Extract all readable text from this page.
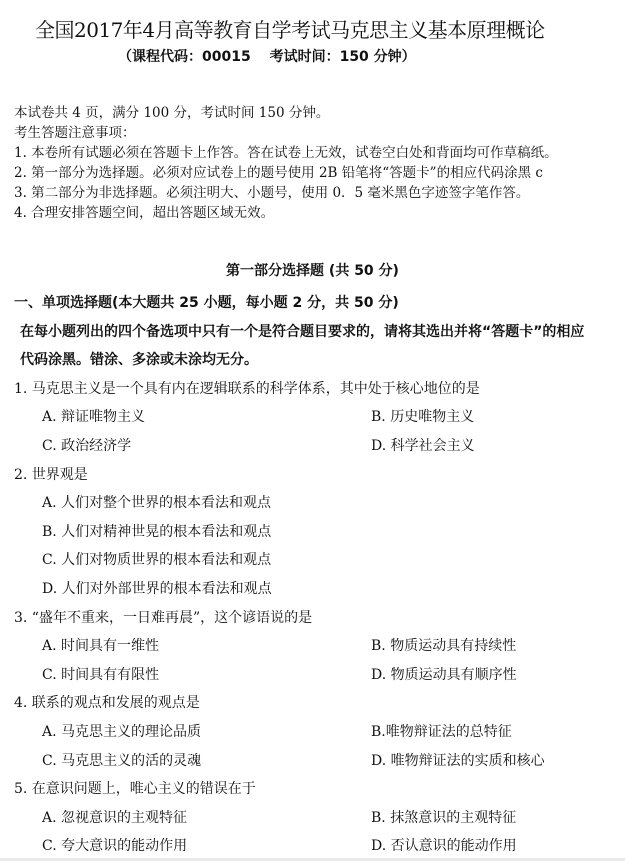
全国2017年4月高等教育自学考试马克思主义基本原理概论
（课程代码：00015　 考试时间：150 分钟）
本试卷共 4 页，满分 100 分，考试时间 150 分钟。
考生答题注意事项：
1. 本卷所有试题必须在答题卡上作答。答在试卷上无效，试卷空白处和背面均可作草稿纸。
2. 第一部分为选择题。必须对应试卷上的题号使用 2B 铅笔将“答题卡”的相应代码涂黑 c
3. 第二部分为非选择题。必须注明大、小题号，使用 0．5 毫米黑色字迹签字笔作答。
4. 合理安排答题空间，超出答题区域无效。
第一部分选择题 (共 50 分)
一、单项选择题(本大题共 25 小题，每小题 2 分，共 50 分)
在每小题列出的四个备选项中只有一个是符合题目要求的，请将其选出并将“答题卡”的相应
代码涂黑。错涂、多涂或未涂均无分。
1. 马克思主义是一个具有内在逻辑联系的科学体系，其中处于核心地位的是
A. 辩证唯物主义	B. 历史唯物主义
C. 政治经济学	D. 科学社会主义
2. 世界观是
A. 人们对整个世界的根本看法和观点
B. 人们对精神世晃的根本看法和观点
C. 人们对物质世界的根本看法和观点
D. 人们对外部世界的根本看法和观点
3. “盛年不重来，一日难再晨”，这个谚语说的是
A. 时间具有一维性	B. 物质运动具有持续性
C. 时间具有有限性	D. 物质运动具有顺序性
4. 联系的观点和发展的观点是
A. 马克思主义的理论品质	B.唯物辩证法的总特征
C. 马克思主义的活的灵魂	D. 唯物辩证法的实质和核心
5. 在意识问题上，唯心主义的错误在于
A. 忽视意识的主观特征	B. 抹煞意识的主观特征
C. 夸大意识的能动作用	D. 否认意识的能动作用
